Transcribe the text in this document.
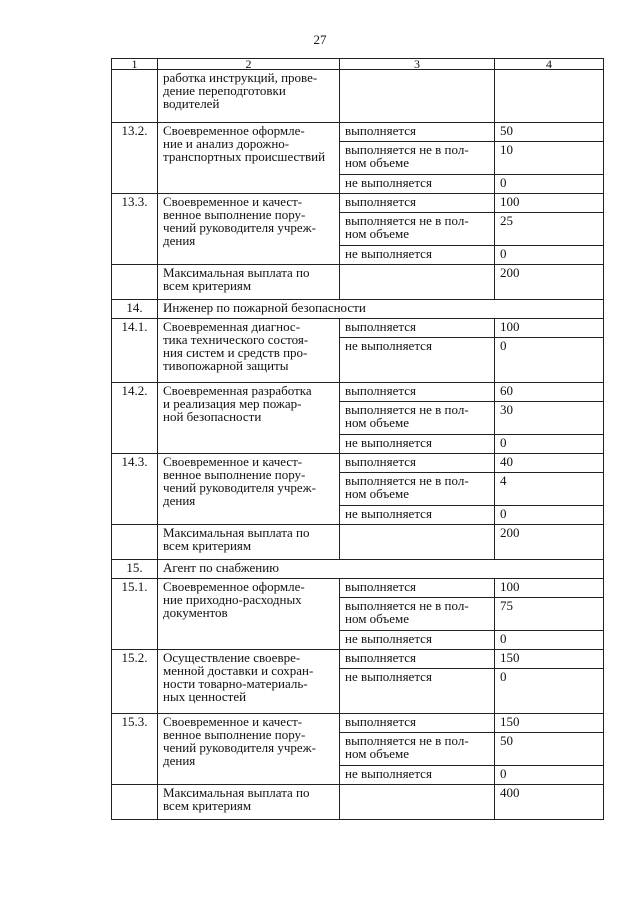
27
1	2	3	4
	работка инструкций, прове-
дение переподготовки
водителей		
13.2.	Своевременное оформле-
ние и анализ дорожно-
транспортных происшествий	выполняется	50
		выполняется не в пол-
ном объеме	10
		не выполняется	0
13.3.	Своевременное и качест-
венное выполнение пору-
чений руководителя учреж-
дения	выполняется	100
		выполняется не в пол-
ном объеме	25
		не выполняется	0
	Максимальная выплата по
всем критериям		200
14.	Инженер по пожарной безопасности		
14.1.	Своевременная диагнос-
тика технического состоя-
ния систем и средств про-
тивопожарной защиты	выполняется	100
		не выполняется	0
14.2.	Своевременная разработка
и реализация мер пожар-
ной безопасности	выполняется	60
		выполняется не в пол-
ном объеме	30
		не выполняется	0
14.3.	Своевременное и качест-
венное выполнение пору-
чений руководителя учреж-
дения	выполняется	40
		выполняется не в пол-
ном объеме	4
		не выполняется	0
	Максимальная выплата по
всем критериям		200
15.	Агент по снабжению		
15.1.	Своевременное оформле-
ние приходно-расходных
документов	выполняется	100
		выполняется не в пол-
ном объеме	75
		не выполняется	0
15.2.	Осуществление своевре-
менной доставки и сохран-
ности товарно-материаль-
ных ценностей	выполняется	150
		не выполняется	0
15.3.	Своевременное и качест-
венное выполнение пору-
чений руководителя учреж-
дения	выполняется	150
		выполняется не в пол-
ном объеме	50
		не выполняется	0
	Максимальная выплата по
всем критериям		400
